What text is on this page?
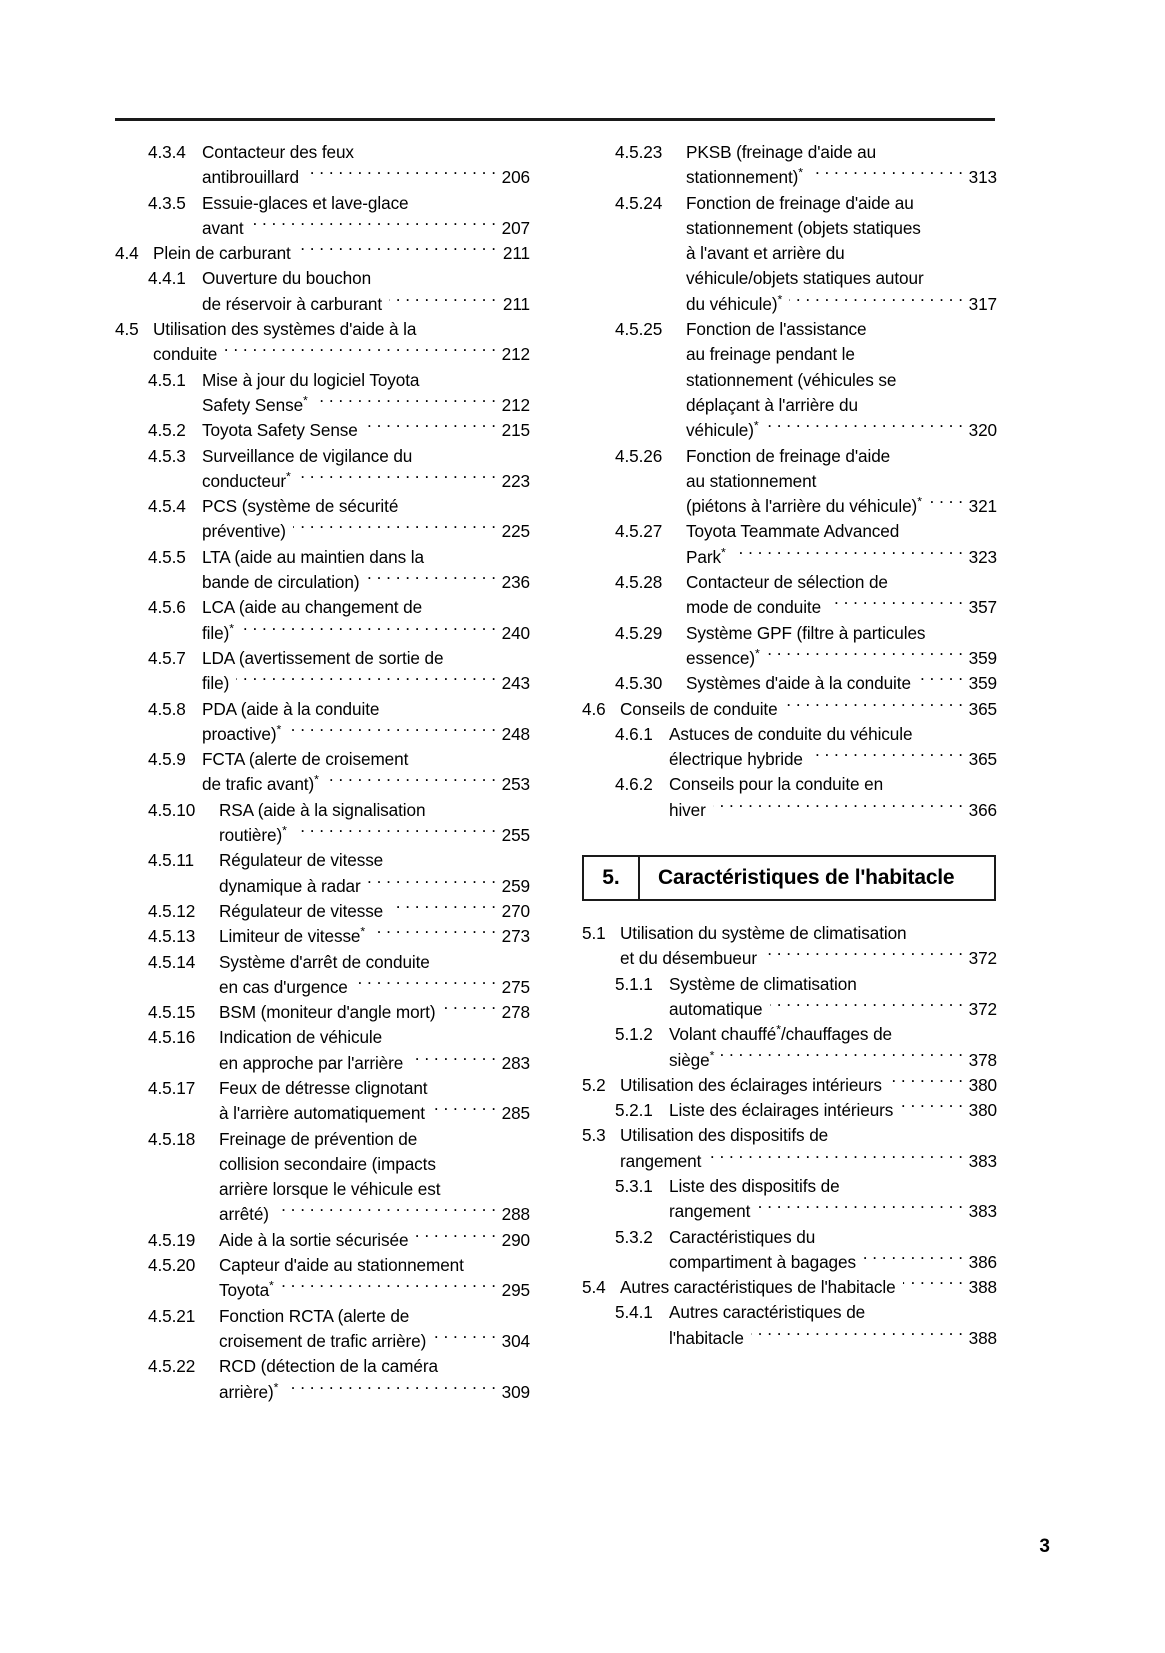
4.3.4 Contacteur des feux
antibrouillard . . .	206
4.3.5 Essuie-glaces et lave-glace
avant . . .	207
4.4 Plein de carburant . . .	211
4.4.1 Ouverture du bouchon
de réservoir à carburant . . .	211
4.5 Utilisation des systèmes d'aide à la
conduite . . .	212
4.5.1 Mise à jour du logiciel Toyota
Safety Sense* . . .	212
4.5.2 Toyota Safety Sense . . .	215
4.5.3 Surveillance de vigilance du
conducteur* . . .	223
4.5.4 PCS (système de sécurité
préventive) . . .	225
4.5.5 LTA (aide au maintien dans la
bande de circulation) . . .	236
4.5.6 LCA (aide au changement de
file)* . . .	240
4.5.7 LDA (avertissement de sortie de
file) . . .	243
4.5.8 PDA (aide à la conduite
proactive)* . . .	248
4.5.9 FCTA (alerte de croisement
de trafic avant)* . . .	253
4.5.10	RSA (aide à la signalisation
routière)* . . .	255
4.5.11	Régulateur de vitesse
dynamique à radar . . .	259
4.5.12	Régulateur de vitesse . . .	270
4.5.13	Limiteur de vitesse* . . .	273
4.5.14	Système d'arrêt de conduite
en cas d'urgence . . .	275
4.5.15	BSM (moniteur d'angle mort) . . .	278
4.5.16	Indication de véhicule
en approche par l'arrière . . .	283
4.5.17	Feux de détresse clignotant
à l'arrière automatiquement . . .	285
4.5.18	Freinage de prévention de
collision secondaire (impacts
arrière lorsque le véhicule est
arrêté) . . .	288
4.5.19	Aide à la sortie sécurisée . . .	290
4.5.20	Capteur d'aide au stationnement
Toyota* . . .	295
4.5.21	Fonction RCTA (alerte de
croisement de trafic arrière) . . .	304
4.5.22	RCD (détection de la caméra
arrière)* . . .	309
4.5.23	PKSB (freinage d'aide au
stationnement)* . . .	313
4.5.24	Fonction de freinage d'aide au
stationnement (objets statiques
à l'avant et arrière du
véhicule/objets statiques autour
du véhicule)* . . .	317
4.5.25	Fonction de l'assistance
au freinage pendant le
stationnement (véhicules se
déplaçant à l'arrière du
véhicule)* . . .	320
4.5.26	Fonction de freinage d'aide
au stationnement
(piétons à l'arrière du véhicule)* . . .	321
4.5.27	Toyota Teammate Advanced
Park* . . .	323
4.5.28	Contacteur de sélection de
mode de conduite . . .	357
4.5.29	Système GPF (filtre à particules
essence)* . . .	359
4.5.30	Systèmes d'aide à la conduite . . .	359
4.6 Conseils de conduite . . .	365
4.6.1 Astuces de conduite du véhicule
électrique hybride . . .	365
4.6.2 Conseils pour la conduite en
hiver . . .	366
5.	Caractéristiques de l'habitacle
5.1 Utilisation du système de climatisation
et du désembueur . . .	372
5.1.1 Système de climatisation
automatique . . .	372
5.1.2 Volant chauffé*/chauffages de
siège* . . .	378
5.2 Utilisation des éclairages intérieurs . . .	380
5.2.1 Liste des éclairages intérieurs . . .	380
5.3 Utilisation des dispositifs de
rangement . . .	383
5.3.1 Liste des dispositifs de
rangement . . .	383
5.3.2 Caractéristiques du
compartiment à bagages . . .	386
5.4 Autres caractéristiques de l'habitacle . . .	388
5.4.1 Autres caractéristiques de
l'habitacle . . .	388
3
